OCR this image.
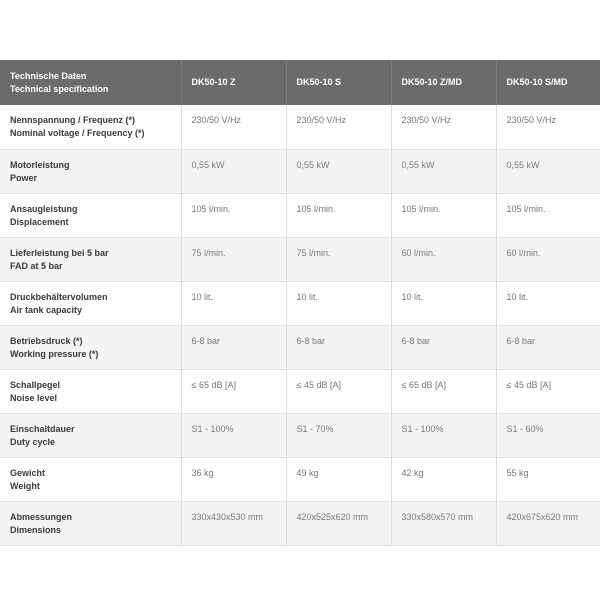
Technische Daten
Technical specification	DK50-10 Z	DK50-10 S	DK50-10 Z/MD	DK50-10 S/MD

Nennspannung / Frequenz (*)
Nominal voltage / Frequency (*)	230/50 V/Hz	230/50 V/Hz	230/50 V/Hz	230/50 V/Hz

Motorleistung
Power	0,55 kW	0,55 kW	0,55 kW	0,55 kW

Ansaugleistung
Displacement	105 l/min.	105 l/min.	105 l/min.	105 l/min.

Lieferleistung bei 5 bar
FAD at 5 bar	75 l/min.	75 l/min.	60 l/min.	60 l/min.

Druckbehältervolumen
Air tank capacity	10 lit.	10 lit.	10 lit.	10 lit.

Betriebsdruck (*)
Working pressure (*)	6-8 bar	6-8 bar	6-8 bar	6-8 bar

Schallpegel
Noise level	≤ 65 dB [A]	≤ 45 dB [A]	≤ 65 dB [A]	≤ 45 dB [A]

Einschaltdauer
Duty cycle	S1 - 100%	S1 - 70%	S1 - 100%	S1 - 60%

Gewicht
Weight	36 kg	49 kg	42 kg	55 kg

Abmessungen
Dimensions	330x430x530 mm	420x525x620 mm	330x580x570 mm	420x675x620 mm
